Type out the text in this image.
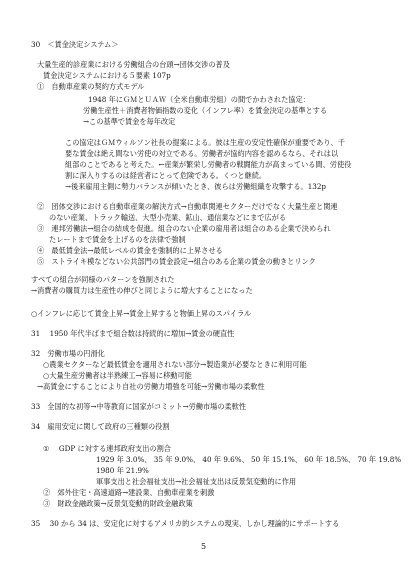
30　＜賃金決定システム＞
大量生産的診産業における労働組合の台頭→団体交渉の普及
賃金決定システムにおける５要素 107p
①　自動車産業の契約方式モデル
1948 年にＧＭとＵＡＷ（全米自動車労組）の間でかわされた協定：
労働生産性＋消費者物価指数の変化（インフレ率）を賃金決定の基準とする
→この基準で賃金を毎年改定
この協定はＧＭウィルソン社長の提案による。彼は生産の安定性確保が重要であり、千
要な賃金は絶え間ない労使の対立である。労働者が協約内容を認めるなら、それは以
組部のことであると考えた。←産業が繁栄し労働者の戦闘能力が高まっている間、労使役
割に深入りするのは経営者にとって危険である。くつと継続。
→後来雇用主側に勢力バランスが傾いたとき、彼らは労働組織を攻撃する。132p
②　団体交渉における自動車産業の解決方式→自動車関連セクターだけでなく大量生産と関連
のない産業、トラック輸送、大型小売業、鉱山、通信業などにまで広がる
③　連邦労働法→組合の結成を促進。組合のない企業の雇用者は組合のある企業で決められ
たレートまで賃金を上げるのを法律で強制
④　最低賃金法→最低レベルの賃金を強制的に上昇させる
⑤　ストライキ模などない公共部門の賃金設定→組合のある企業の賃金の動きとリンク
すべての組合が同様のパターンを強制された
→消費者の購買力は生産性の伸びと同じように増大することになった
○インフレに応じて賃金上昇→賃金上昇すると物価上昇のスパイラル
31　 1950 年代半ばまで組合数は持続的に増加→賃金の硬直性
32　労働市場の円滑化
○農業セクターなど最低賃金を適用されない部分→製造業が必要なときに利用可能
○大量生産労働者は半熟練工→容易に移動可能
→高賃金にすることにより自社の労働力増強を可能→労働市場の柔軟性
33　全国的な初等→中等教育に国家がコミット→労働市場の柔軟性
34　雇用安定に関して政府の三種類の役割
①　 GDP に対する連邦政府支出の割合
1929 年 3.0%、 35 年 9.0%、 40 年 9.6%、 50 年 15.1%、 60 年 18.5%、 70 年 19.8%
1980 年 21.9%
軍事支出と社会福祉支出→社会福祉支出は反景気変動的に作用
②　郊外住宅・高速道路→建設業、自動車産業を刺激
③　財政金融政策→反景気変動的財政金融政策
35　 30 から 34 は、安定化に対するアメリカ的システムの現実、しかし理論的にサポートする
5
